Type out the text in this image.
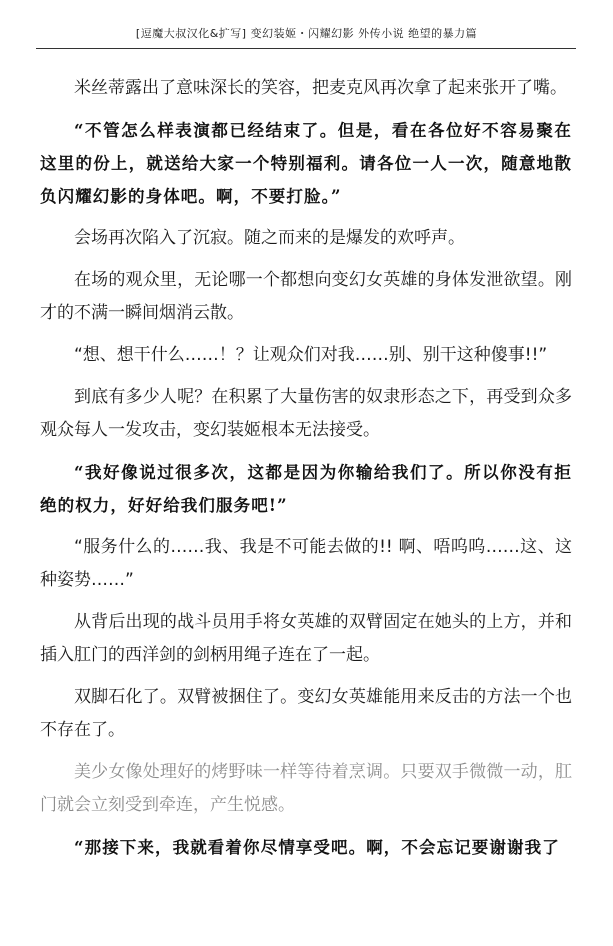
[逗魔大叔汉化&扩写] 变幻装姬・闪耀幻影 外传小说 绝望的暴力篇

米丝蒂露出了意味深长的笑容，把麦克风再次拿了起来张开了嘴。

“不管怎么样表演都已经结束了。但是，看在各位好不容易聚在这里的份上，就送给大家一个特别福利。请各位一人一次，随意地散负闪耀幻影的身体吧。啊，不要打脸。”

会场再次陷入了沉寂。随之而来的是爆发的欢呼声。

在场的观众里，无论哪一个都想向变幻女英雄的身体发泄欲望。刚才的不满一瞬间烟消云散。

“想、想干什么……！？让观众们对我……别、别干这种傻事!!”

到底有多少人呢？在积累了大量伤害的奴隶形态之下，再受到众多观众每人一发攻击，变幻装姬根本无法接受。

“我好像说过很多次，这都是因为你输给我们了。所以你没有拒绝的权力，好好给我们服务吧!”

“服务什么的……我、我是不可能去做的!! 啊、唔呜呜……这、这种姿势……”

从背后出现的战斗员用手将女英雄的双臂固定在她头的上方，并和插入肛门的西洋剑的剑柄用绳子连在了一起。

双脚石化了。双臂被捆住了。变幻女英雄能用来反击的方法一个也不存在了。

美少女像处理好的烤野味一样等待着烹调。只要双手微微一动，肛门就会立刻受到牵连，产生悦感。

“那接下来，我就看着你尽情享受吧。啊，不会忘记要谢谢我了
